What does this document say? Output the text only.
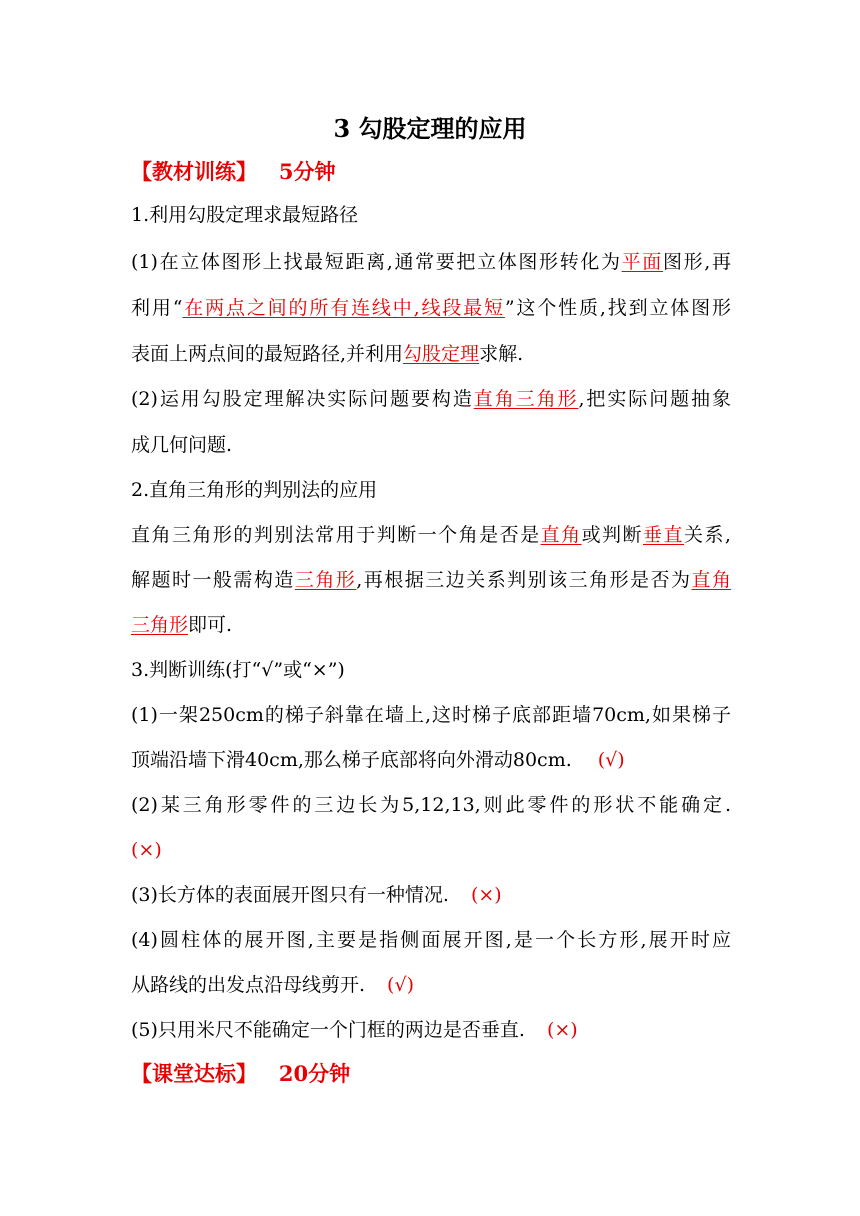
3 勾股定理的应用
【教材训练】   5分钟
1.利用勾股定理求最短路径
(1)在立体图形上找最短距离,通常要把立体图形转化为平面图形,再
利用“在两点之间的所有连线中,线段最短”这个性质,找到立体图形
表面上两点间的最短路径,并利用勾股定理求解.
(2)运用勾股定理解决实际问题要构造直角三角形,把实际问题抽象
成几何问题.
2.直角三角形的判别法的应用
直角三角形的判别法常用于判断一个角是否是直角或判断垂直关系,
解题时一般需构造三角形,再根据三边关系判别该三角形是否为直角
三角形即可.
3.判断训练(打“√”或“×”)
(1)一架250cm的梯子斜靠在墙上,这时梯子底部距墙70cm,如果梯子
顶端沿墙下滑40cm,那么梯子底部将向外滑动80cm. (√)
(2)某三角形零件的三边长为5,12,13,则此零件的形状不能确定.
(×)
(3)长方体的表面展开图只有一种情况. (×)
(4)圆柱体的展开图,主要是指侧面展开图,是一个长方形,展开时应
从路线的出发点沿母线剪开. (√)
(5)只用米尺不能确定一个门框的两边是否垂直. (×)
【课堂达标】   20分钟
